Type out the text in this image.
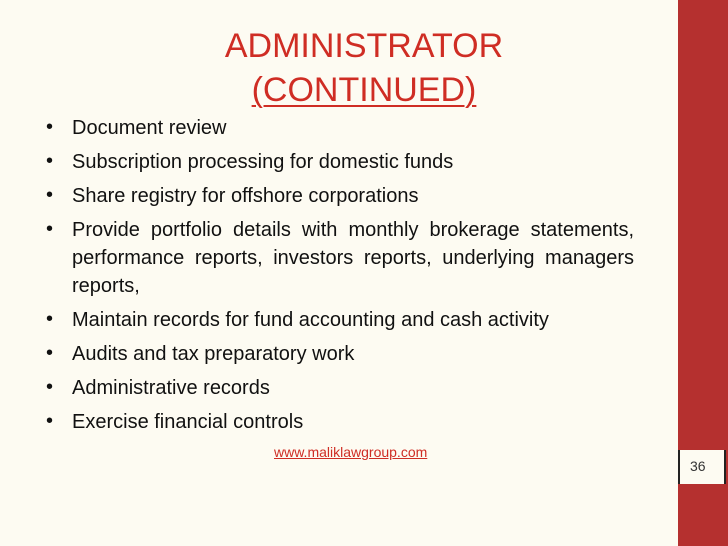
ADMINISTRATOR
(CONTINUED)
• Document review
• Subscription processing for domestic funds
• Share registry for offshore corporations
• Provide portfolio details with monthly brokerage statements, performance reports, investors reports, underlying managers reports,
• Maintain records for fund accounting and cash activity
• Audits and tax preparatory work
• Administrative records
• Exercise financial controls
www.maliklawgroup.com
36
